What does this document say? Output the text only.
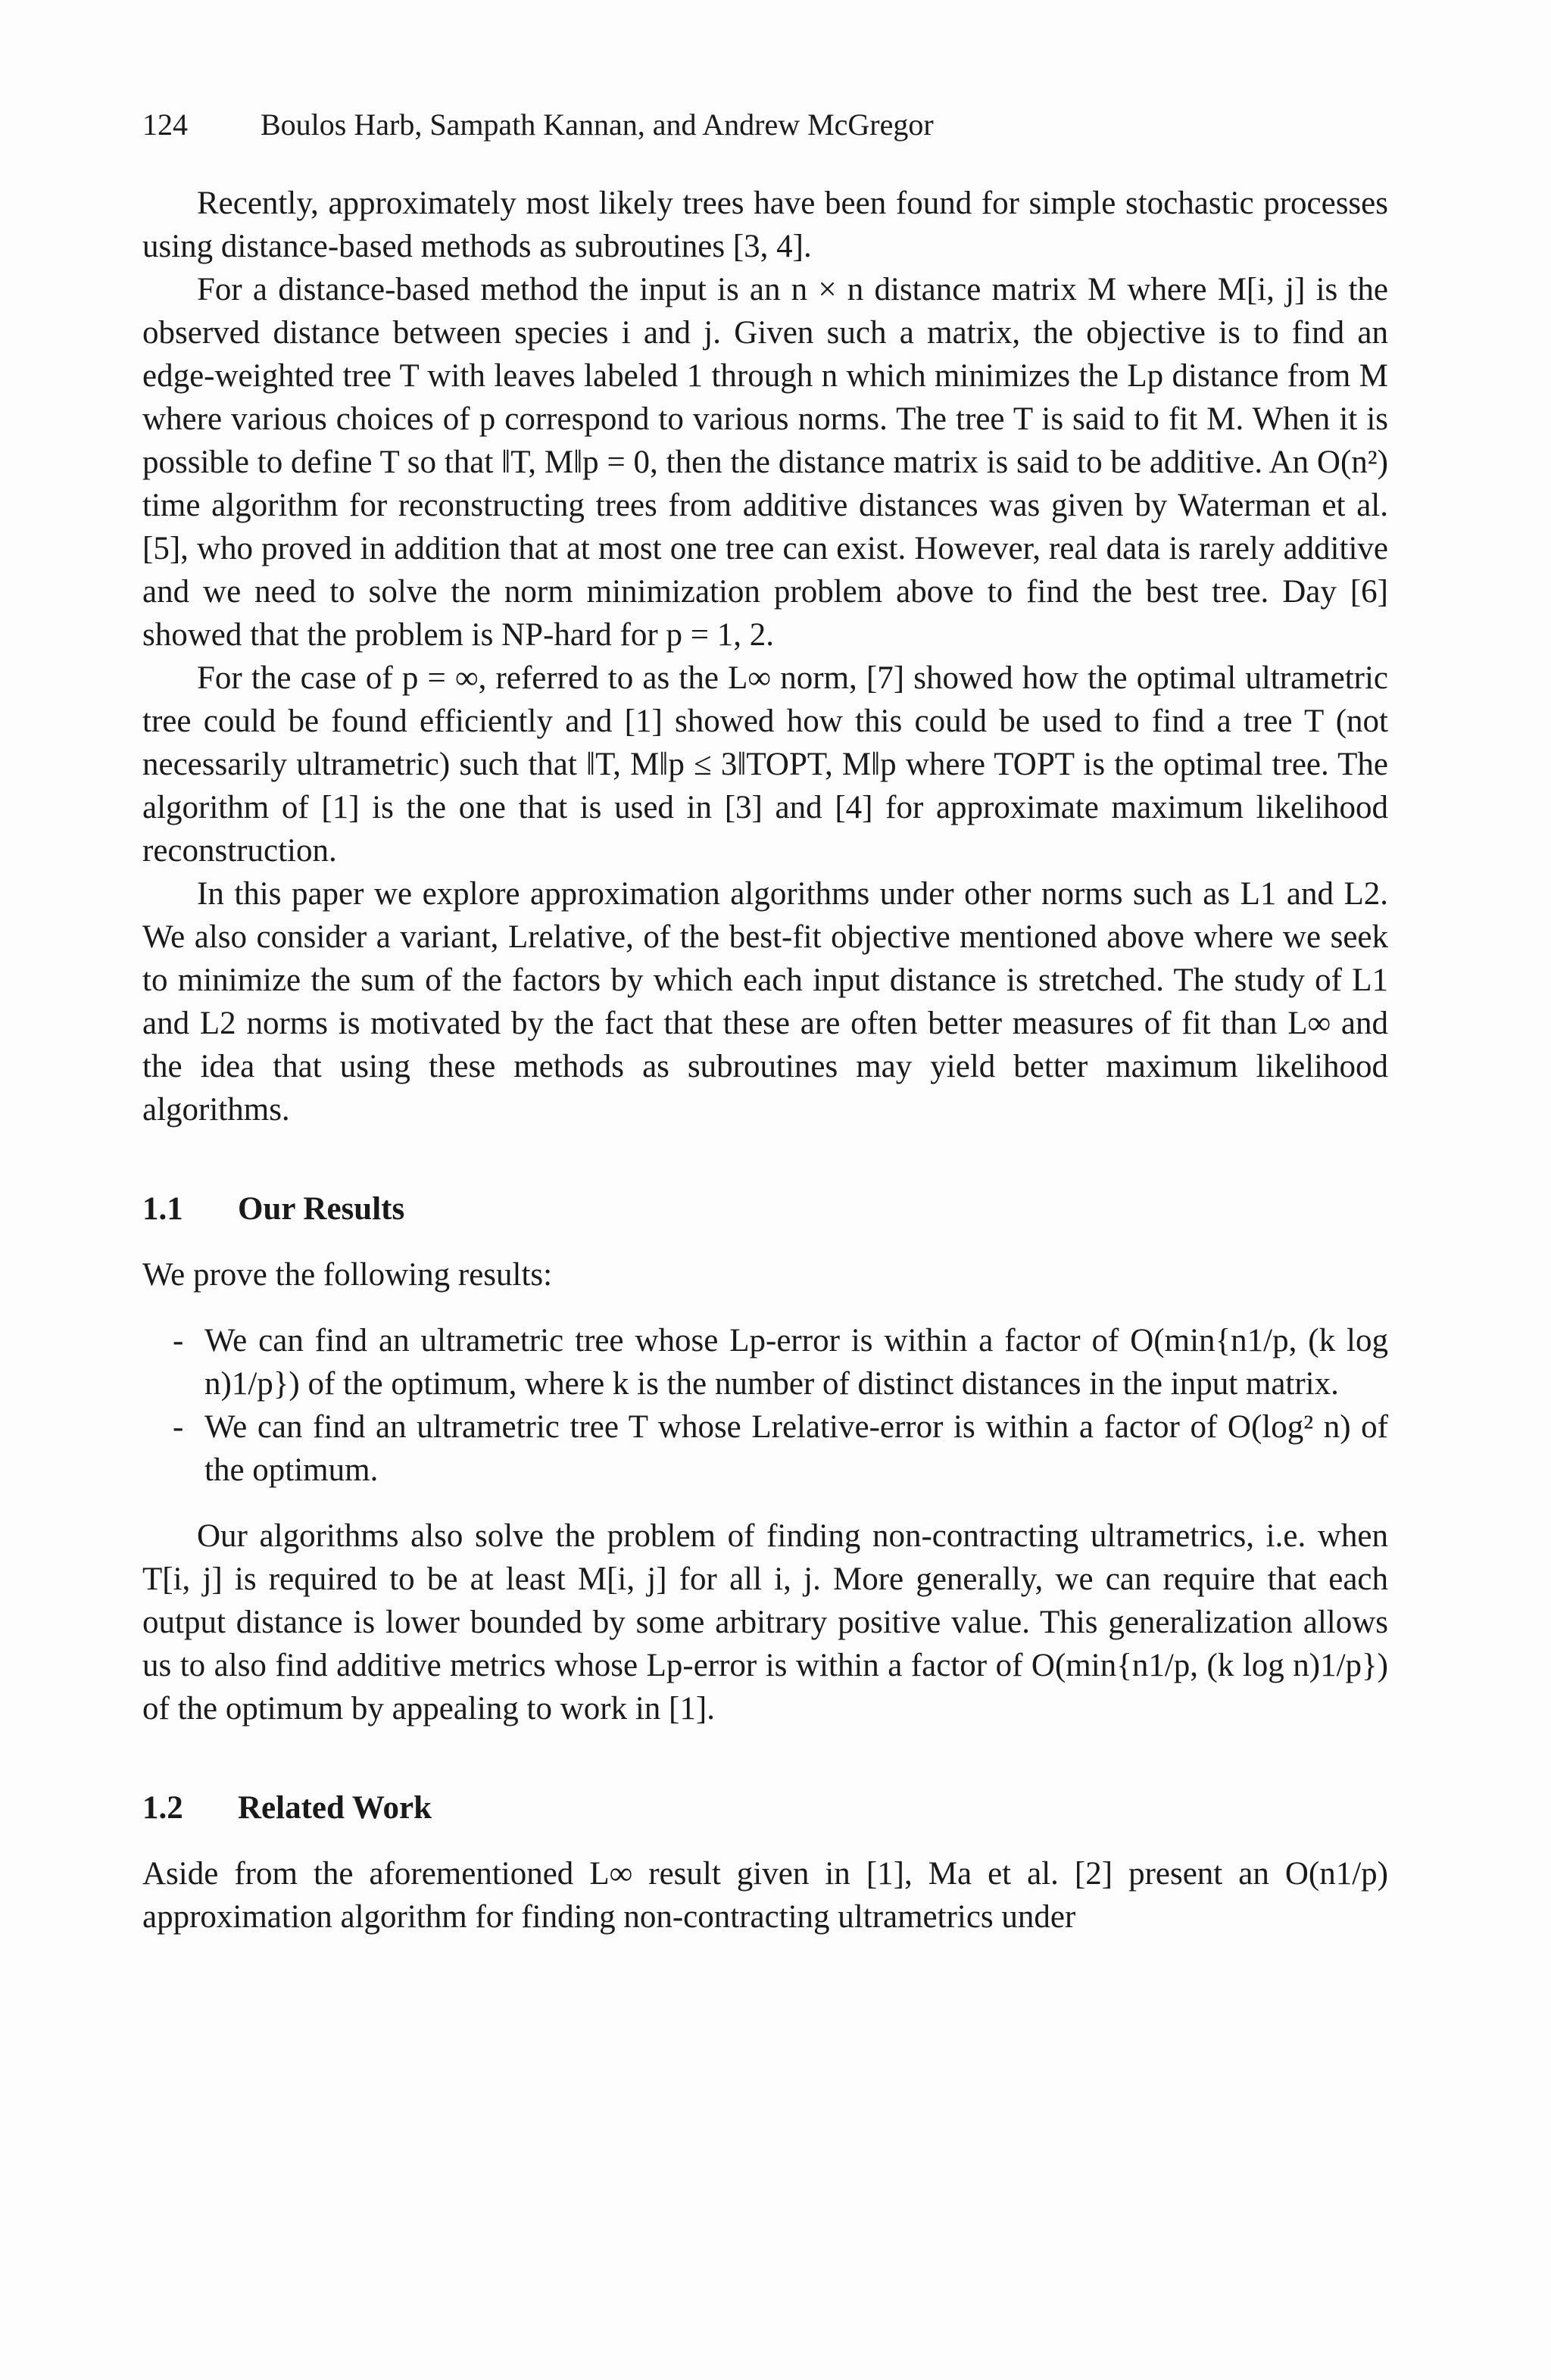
124 Boulos Harb, Sampath Kannan, and Andrew McGregor

Recently, approximately most likely trees have been found for simple stochastic processes using distance-based methods as subroutines [3, 4].

For a distance-based method the input is an n × n distance matrix M where M[i, j] is the observed distance between species i and j. Given such a matrix, the objective is to find an edge-weighted tree T with leaves labeled 1 through n which minimizes the Lp distance from M where various choices of p correspond to various norms. The tree T is said to fit M. When it is possible to define T so that ‖T, M‖p = 0, then the distance matrix is said to be additive. An O(n²) time algorithm for reconstructing trees from additive distances was given by Waterman et al. [5], who proved in addition that at most one tree can exist. However, real data is rarely additive and we need to solve the norm minimization problem above to find the best tree. Day [6] showed that the problem is NP-hard for p = 1, 2.

For the case of p = ∞, referred to as the L∞ norm, [7] showed how the optimal ultrametric tree could be found efficiently and [1] showed how this could be used to find a tree T (not necessarily ultrametric) such that ‖T, M‖p ≤ 3‖TOPT, M‖p where TOPT is the optimal tree. The algorithm of [1] is the one that is used in [3] and [4] for approximate maximum likelihood reconstruction.

In this paper we explore approximation algorithms under other norms such as L1 and L2. We also consider a variant, Lrelative, of the best-fit objective mentioned above where we seek to minimize the sum of the factors by which each input distance is stretched. The study of L1 and L2 norms is motivated by the fact that these are often better measures of fit than L∞ and the idea that using these methods as subroutines may yield better maximum likelihood algorithms.

1.1 Our Results

We prove the following results:

- We can find an ultrametric tree whose Lp-error is within a factor of O(min{n1/p, (k log n)1/p}) of the optimum, where k is the number of distinct distances in the input matrix.
- We can find an ultrametric tree T whose Lrelative-error is within a factor of O(log² n) of the optimum.

Our algorithms also solve the problem of finding non-contracting ultrametrics, i.e. when T[i, j] is required to be at least M[i, j] for all i, j. More generally, we can require that each output distance is lower bounded by some arbitrary positive value. This generalization allows us to also find additive metrics whose Lp-error is within a factor of O(min{n1/p, (k log n)1/p}) of the optimum by appealing to work in [1].

1.2 Related Work

Aside from the aforementioned L∞ result given in [1], Ma et al. [2] present an O(n1/p) approximation algorithm for finding non-contracting ultrametrics under
